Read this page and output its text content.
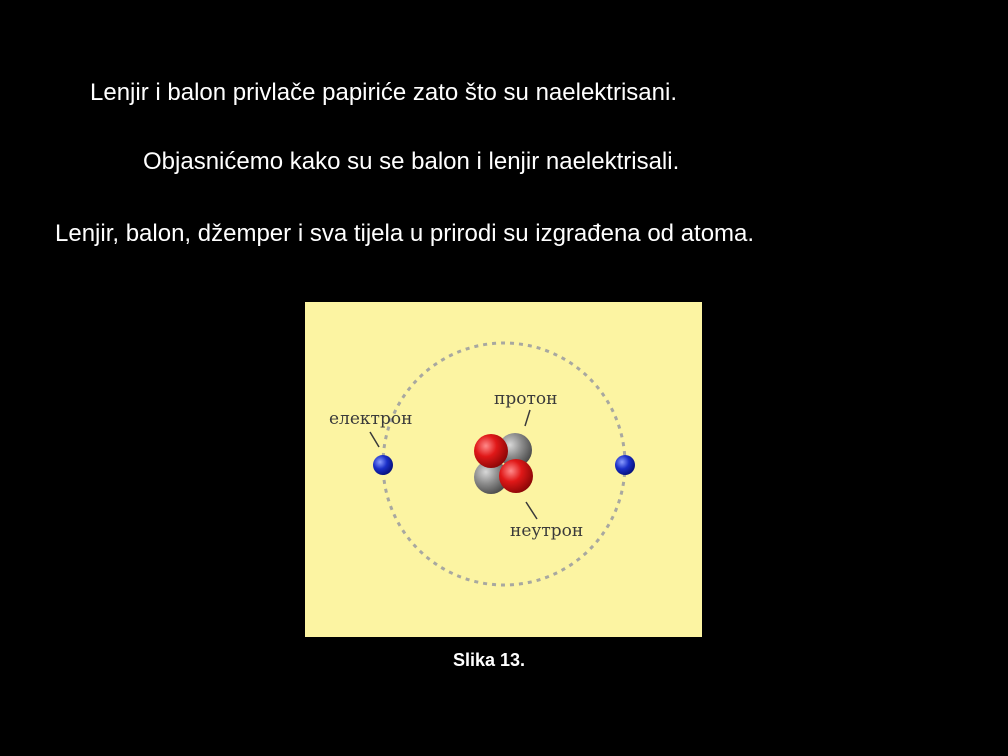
Lenjir i balon privlače papiriće zato što su naelektrisani.
Objasnićemo kako su se balon i lenjir naelektrisali.
Lenjir, balon, džemper i sva tijela u prirodi su izgrađena od atoma.
електрон
протон
неутрон
Slika 13.
